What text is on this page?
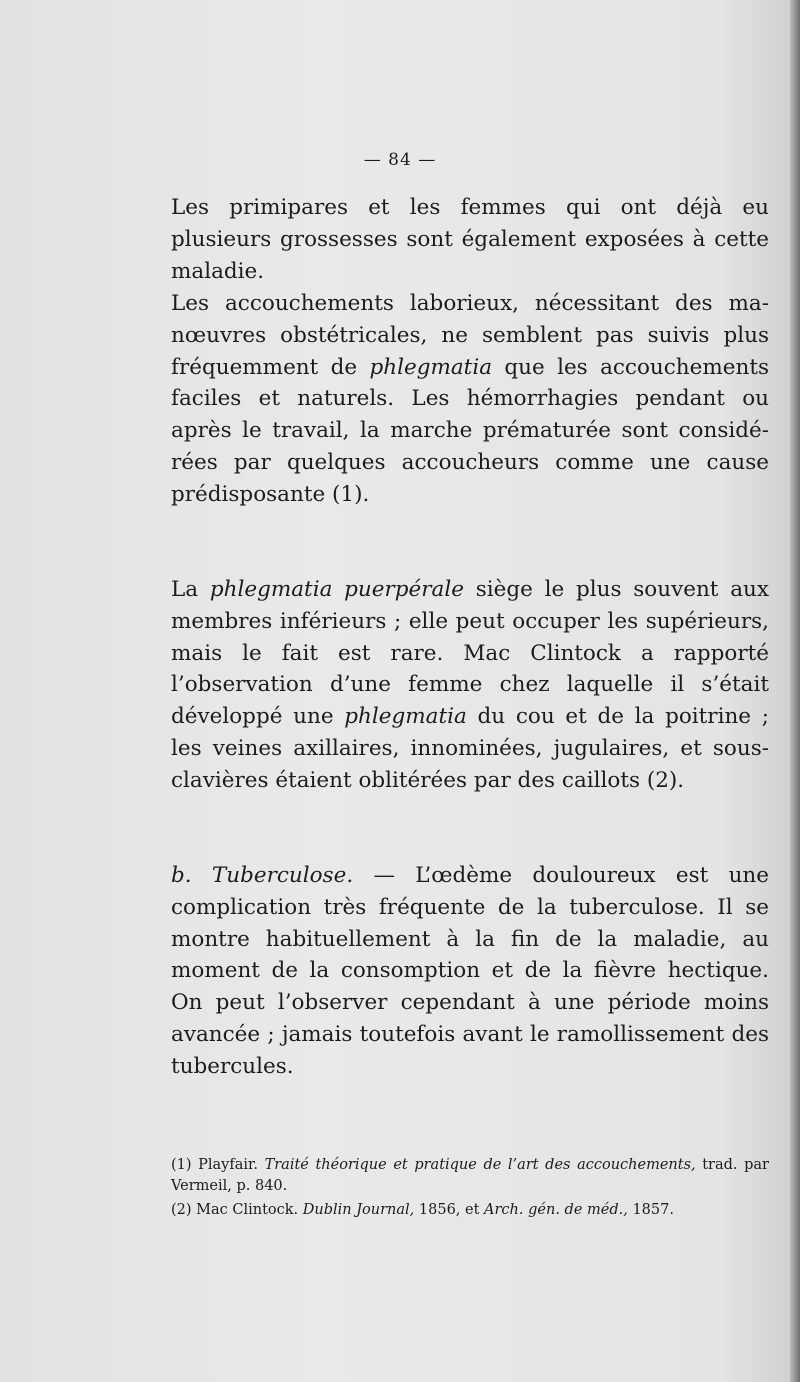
— 84 —

Les primipares et les femmes qui ont déjà eu plusieurs grossesses sont également exposées à cette maladie.

Les accouchements laborieux, nécessitant des manœuvres obstétricales, ne semblent pas suivis plus fréquemment de phlegmatia que les accouchements faciles et naturels. Les hémorrhagies pendant ou après le travail, la marche prématurée sont considérées par quelques accoucheurs comme une cause prédisposante (1).

La phlegmatia puerpérale siège le plus souvent aux membres inférieurs ; elle peut occuper les supérieurs, mais le fait est rare. Mac Clintock a rapporté l’observation d’une femme chez laquelle il s’était développé une phlegmatia du cou et de la poitrine ; les veines axillaires, innominées, jugulaires, et sous-clavières étaient oblitérées par des caillots (2).

b. Tuberculose. — L’œdème douloureux est une complication très fréquente de la tuberculose. Il se montre habituellement à la fin de la maladie, au moment de la consomption et de la fièvre hectique. On peut l’observer cependant à une période moins avancée ; jamais toutefois avant le ramollissement des tubercules.

(1) Playfair. Traité théorique et pratique de l’art des accouchements, trad. par Vermeil, p. 840.

(2) Mac Clintock. Dublin Journal, 1856, et Arch. gén. de méd., 1857.
